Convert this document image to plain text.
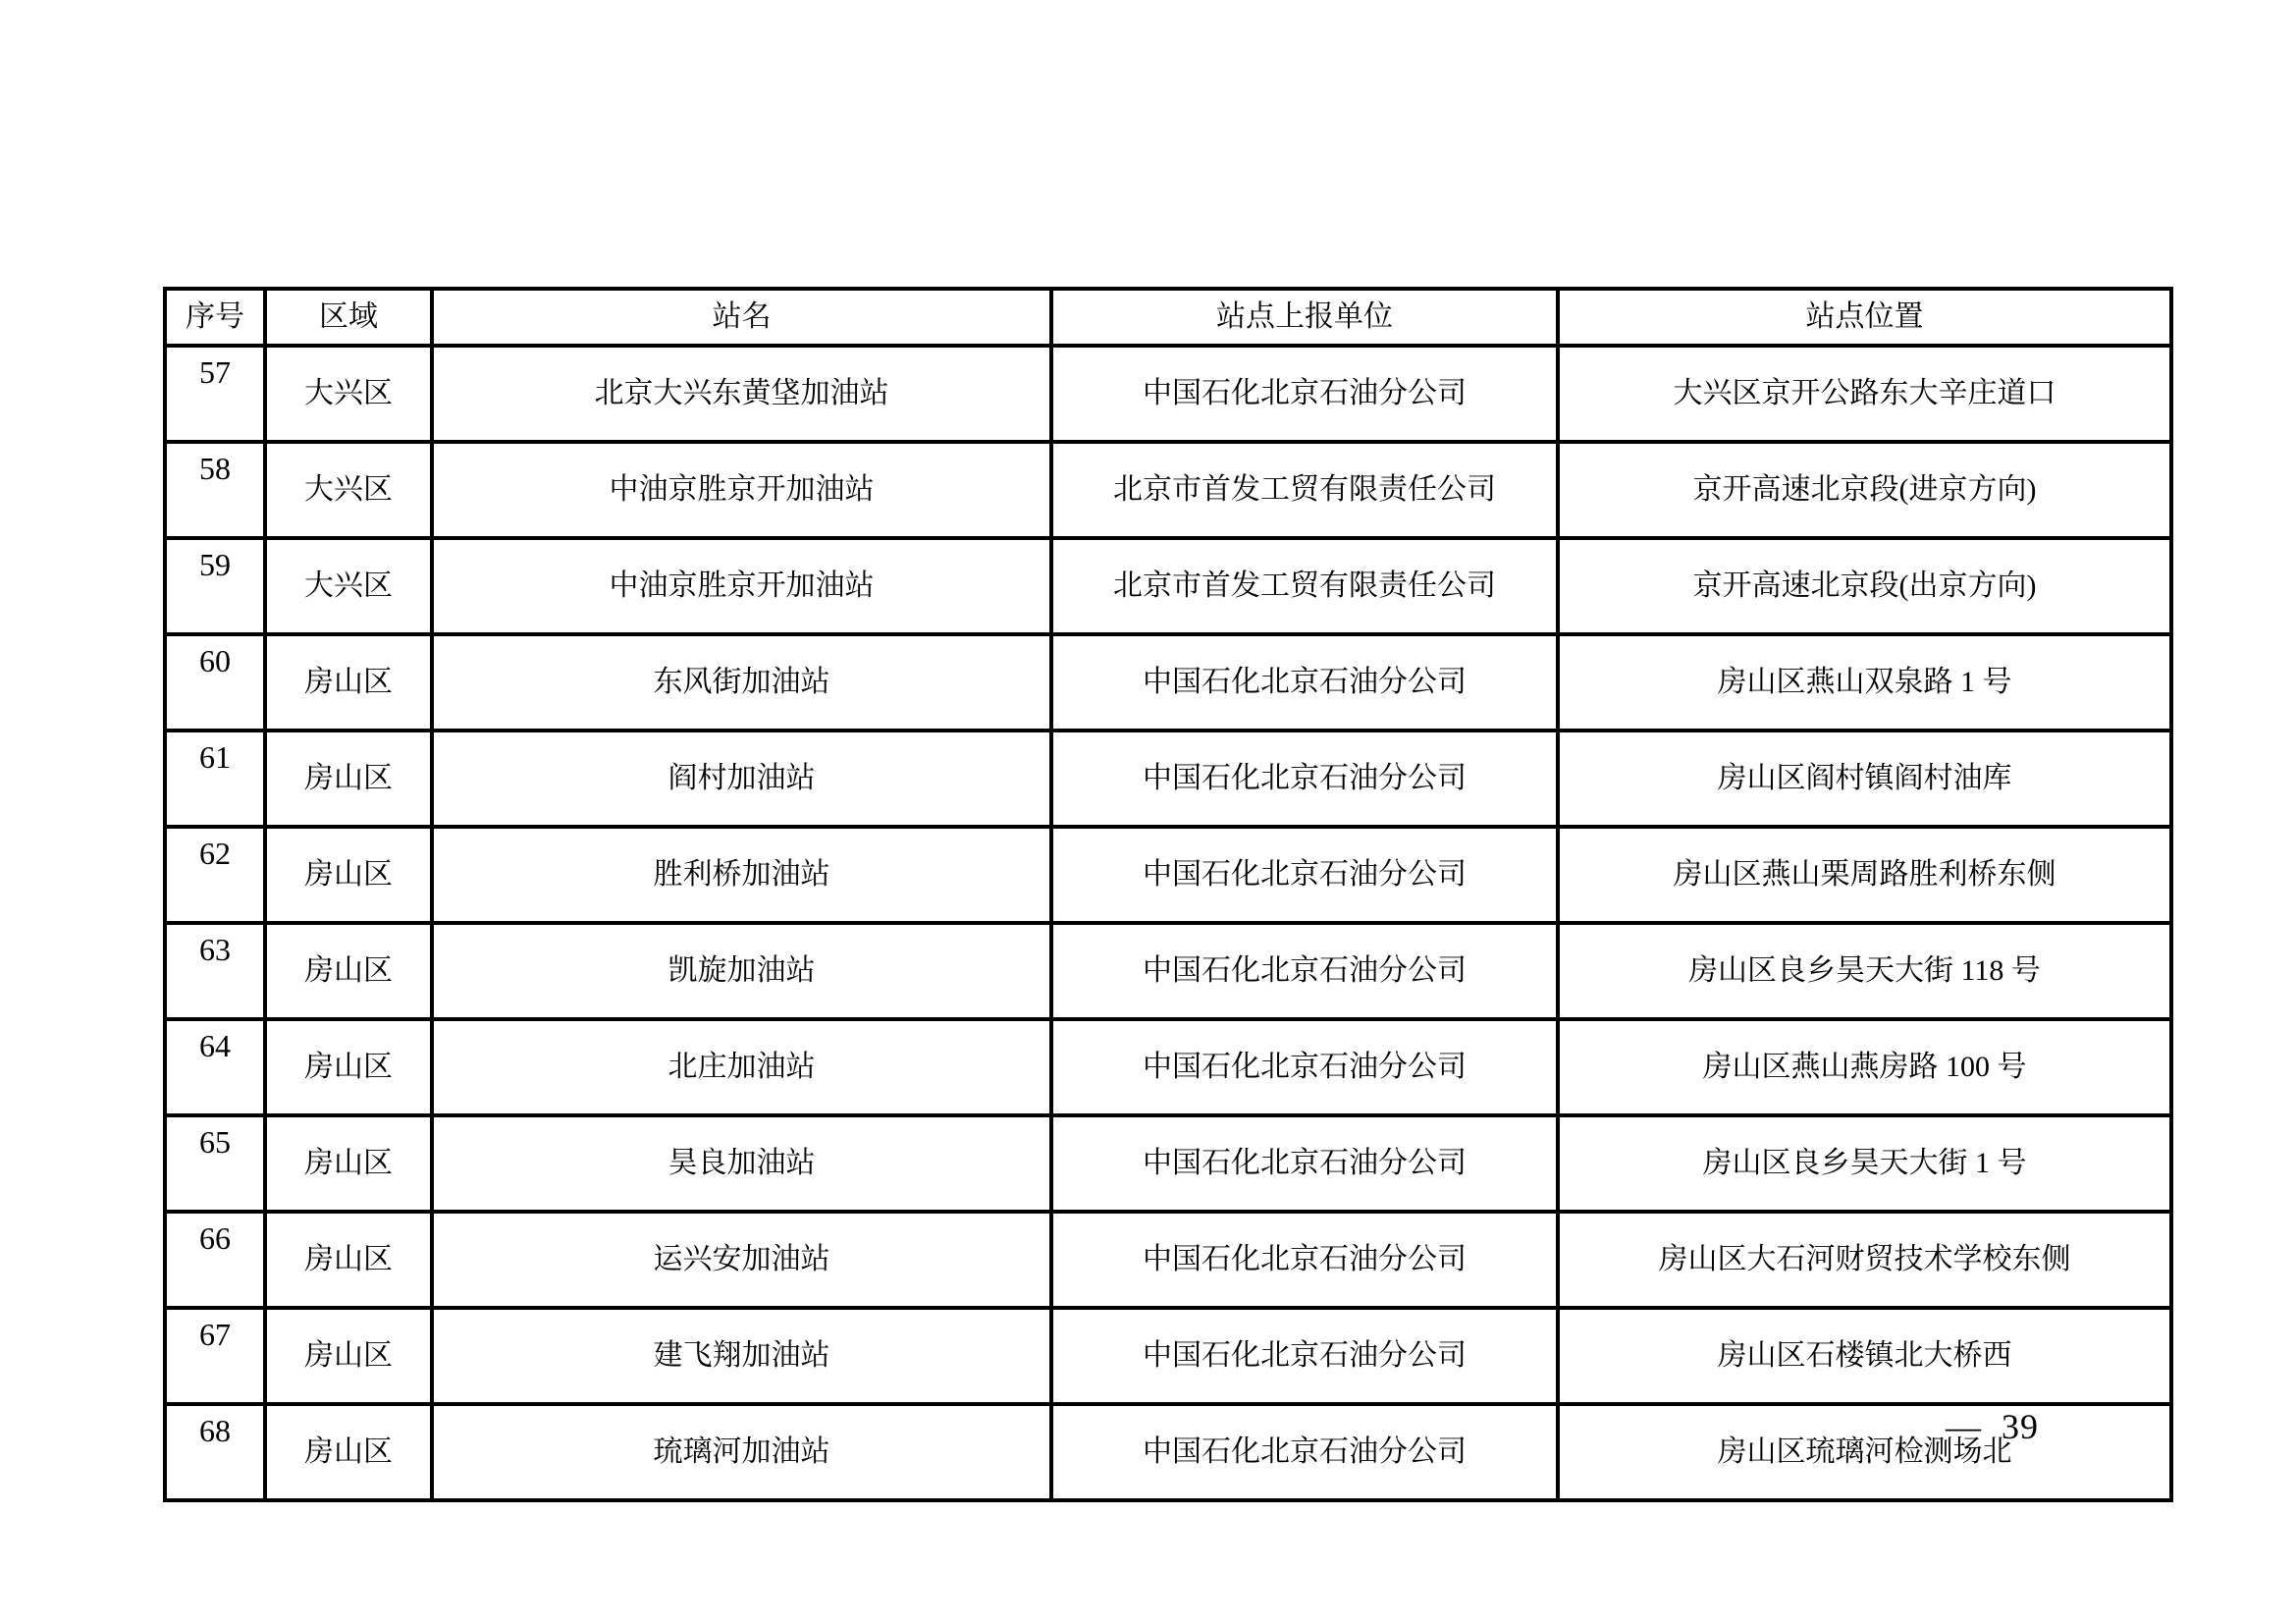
序号	区域	站名	站点上报单位	站点位置
57	大兴区	北京大兴东黄垡加油站	中国石化北京石油分公司	大兴区京开公路东大辛庄道口
58	大兴区	中油京胜京开加油站	北京市首发工贸有限责任公司	京开高速北京段(进京方向)
59	大兴区	中油京胜京开加油站	北京市首发工贸有限责任公司	京开高速北京段(出京方向)
60	房山区	东风街加油站	中国石化北京石油分公司	房山区燕山双泉路 1 号
61	房山区	阎村加油站	中国石化北京石油分公司	房山区阎村镇阎村油库
62	房山区	胜利桥加油站	中国石化北京石油分公司	房山区燕山栗周路胜利桥东侧
63	房山区	凯旋加油站	中国石化北京石油分公司	房山区良乡昊天大街 118 号
64	房山区	北庄加油站	中国石化北京石油分公司	房山区燕山燕房路 100 号
65	房山区	昊良加油站	中国石化北京石油分公司	房山区良乡昊天大街 1 号
66	房山区	运兴安加油站	中国石化北京石油分公司	房山区大石河财贸技术学校东侧
67	房山区	建飞翔加油站	中国石化北京石油分公司	房山区石楼镇北大桥西
68	房山区	琉璃河加油站	中国石化北京石油分公司	房山区琉璃河检测场北
—  39
